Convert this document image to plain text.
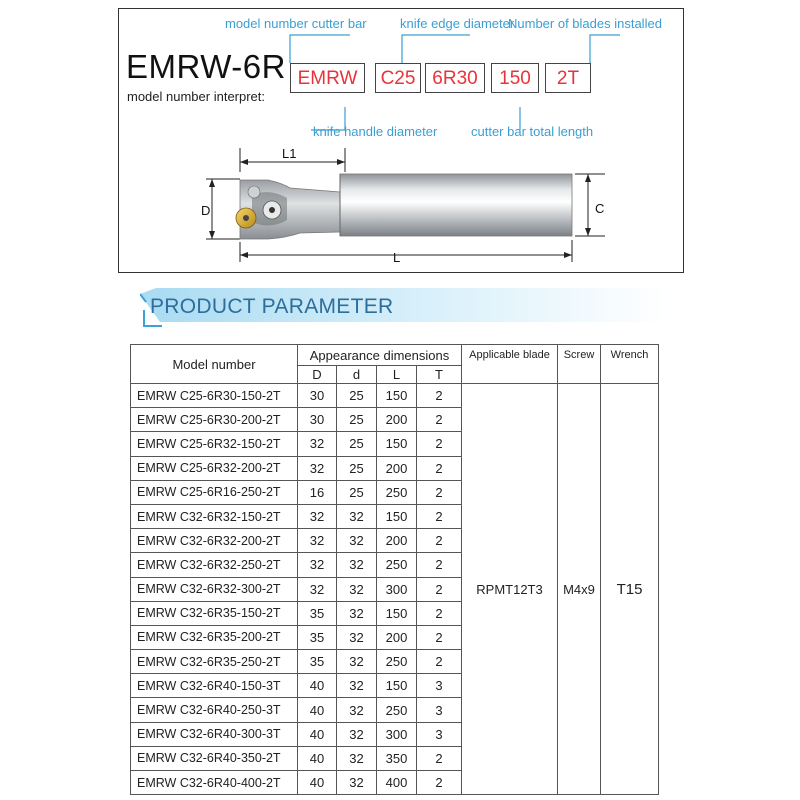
model number cutter bar	knife edge diameter
Number of blades installed
EMRW-6R
model number interpret:
EMRW	C25 6R30	150	2T
knife handle diameter	cutter bar total length
L1
D	C
L
PRODUCT PARAMETER
Model number	Appearance dimensions				Applicable blade	Screw	Wrench
	D	d	L	T			
EMRW C25-6R30-150-2T	30	25	150	2	RPMT12T3	M4x9	T15
EMRW C25-6R30-200-2T	30	25	200	2			
EMRW C25-6R32-150-2T	32	25	150	2			
EMRW C25-6R32-200-2T	32	25	200	2			
EMRW C25-6R16-250-2T	16	25	250	2			
EMRW C32-6R32-150-2T	32	32	150	2			
EMRW C32-6R32-200-2T	32	32	200	2			
EMRW C32-6R32-250-2T	32	32	250	2			
EMRW C32-6R32-300-2T	32	32	300	2			
EMRW C32-6R35-150-2T	35	32	150	2			
EMRW C32-6R35-200-2T	35	32	200	2			
EMRW C32-6R35-250-2T	35	32	250	2			
EMRW C32-6R40-150-3T	40	32	150	3			
EMRW C32-6R40-250-3T	40	32	250	3			
EMRW C32-6R40-300-3T	40	32	300	3			
EMRW C32-6R40-350-2T	40	32	350	2			
EMRW C32-6R40-400-2T	40	32	400	2			
